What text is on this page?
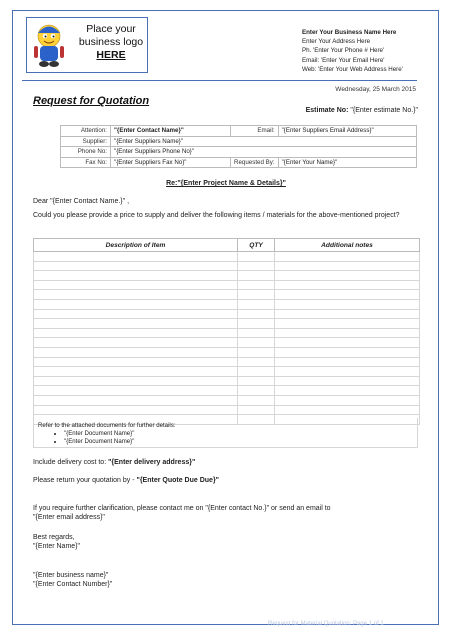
Place your
business logo

HERE
Enter Your Business Name Here
Enter Your Address Here
Ph. 'Enter Your Phone # Here'
Email: 'Enter Your Email Here'
Web: 'Enter Your Web Address Here'
Wednesday, 25 March 2015
Request for Quotation
Estimate No: "{Enter estimate No.}"
Attention:	"{Enter Contact Name}"	Email:	"{Enter Suppliers Email Address}"
Supplier:	"{Enter Suppliers Name}"		
Phone No:	"{Enter Suppliers Phone No}"		
Fax No:	"{Enter Suppliers Fax No}"	Requested By:	"{Enter Your Name}"
Re:"{Enter Project Name & Details}"
Dear "{Enter Contact Name.}" ,
Could you please provide a price to supply and deliver the following items / materials for the above-mentioned project?
Description of Item	QTY	Additional notes

Refer to the attached documents for further details:
• "{Enter Document Name}"
• "{Enter Document Name}"
Include delivery cost to: "{Enter delivery address}"
Please return your quotation by - "{Enter Quote Due Due}"
If you require further clarification, please contact me on "{Enter contact No.}" or send an email to
"{Enter email address}"
Best regards,
"{Enter Name}"
"{Enter business name}"
"{Enter Contact Number}"
Request for Material Quotation: Page 1 of 1
